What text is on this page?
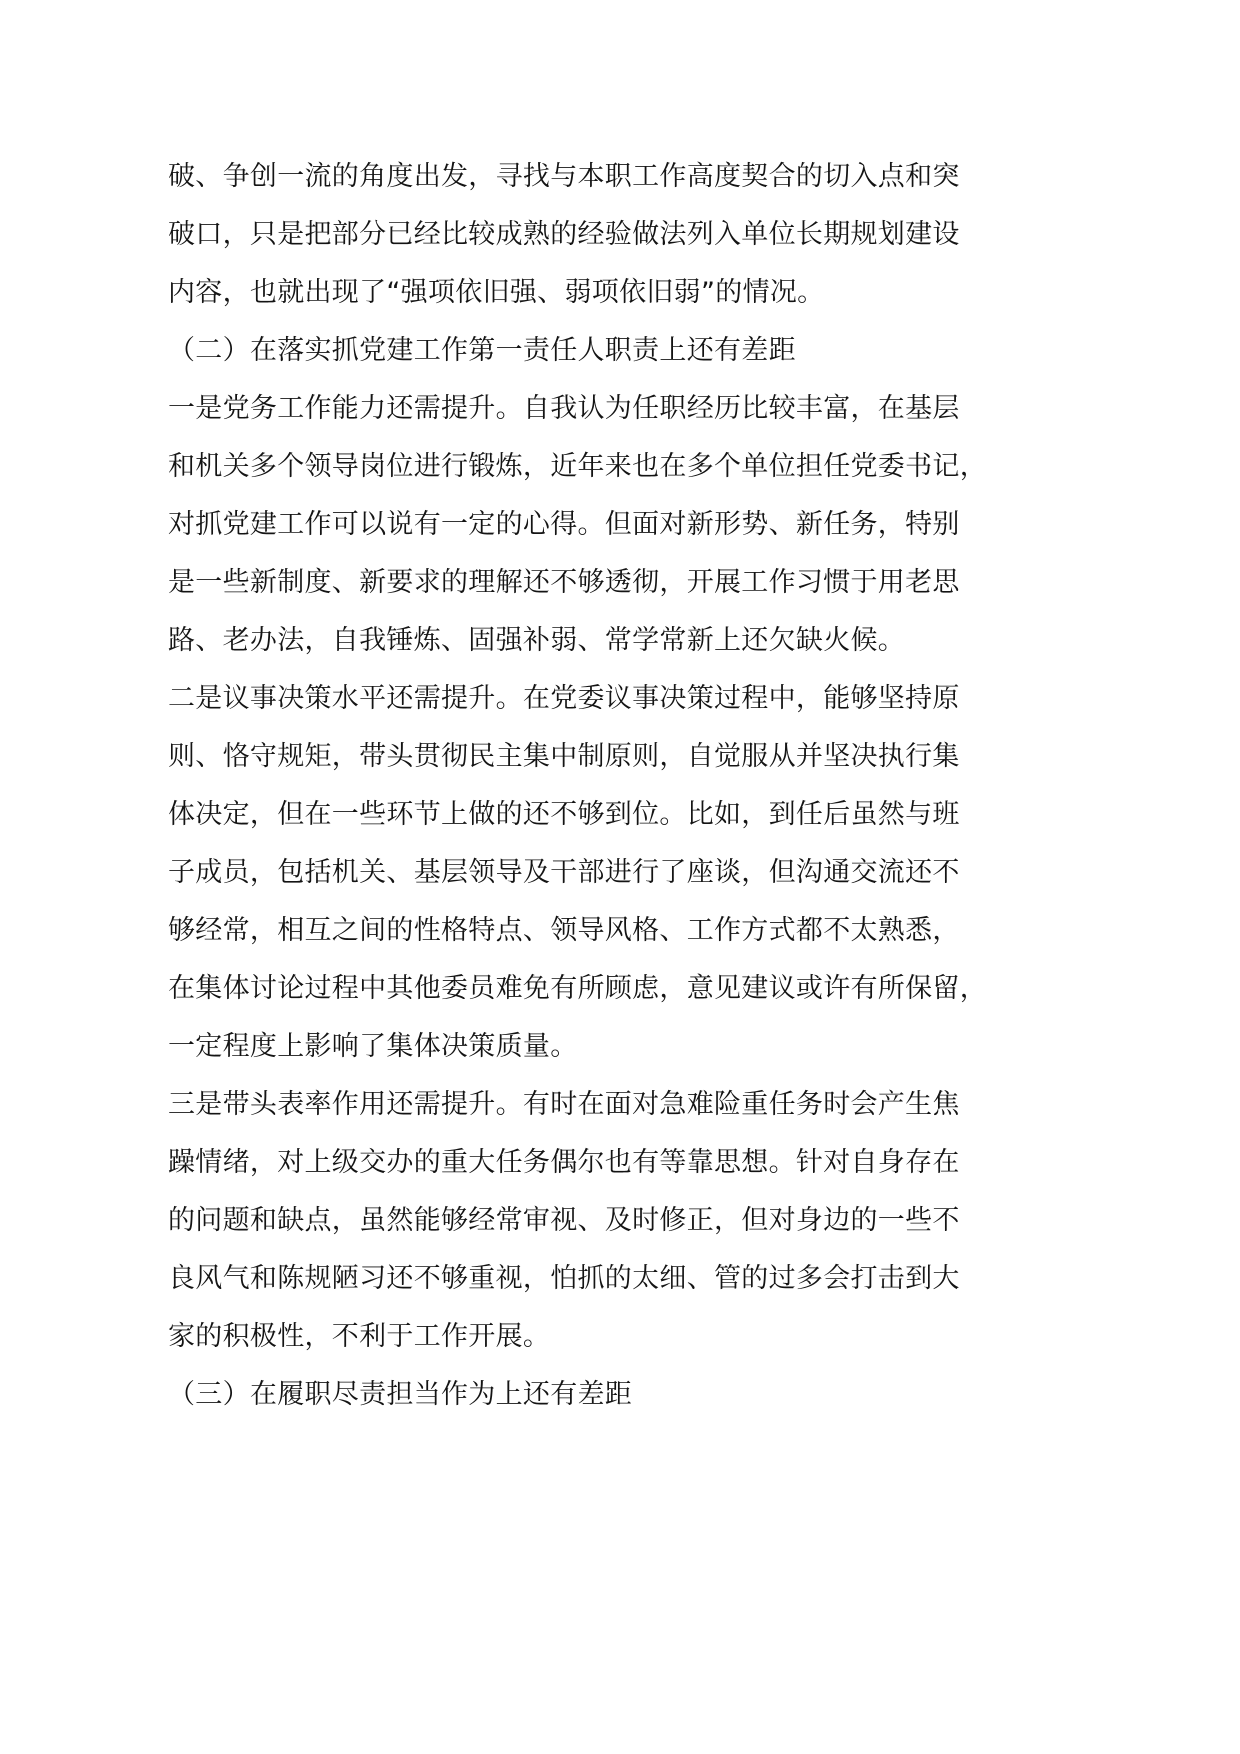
破、争创一流的角度出发，寻找与本职工作高度契合的切入点和突
破口，只是把部分已经比较成熟的经验做法列入单位长期规划建设
内容，也就出现了“强项依旧强、弱项依旧弱”的情况。
（二）在落实抓党建工作第一责任人职责上还有差距
一是党务工作能力还需提升。自我认为任职经历比较丰富，在基层
和机关多个领导岗位进行锻炼，近年来也在多个单位担任党委书记，
对抓党建工作可以说有一定的心得。但面对新形势、新任务，特别
是一些新制度、新要求的理解还不够透彻，开展工作习惯于用老思
路、老办法，自我锤炼、固强补弱、常学常新上还欠缺火候。
二是议事决策水平还需提升。在党委议事决策过程中，能够坚持原
则、恪守规矩，带头贯彻民主集中制原则，自觉服从并坚决执行集
体决定，但在一些环节上做的还不够到位。比如，到任后虽然与班
子成员，包括机关、基层领导及干部进行了座谈，但沟通交流还不
够经常，相互之间的性格特点、领导风格、工作方式都不太熟悉，
在集体讨论过程中其他委员难免有所顾虑，意见建议或许有所保留，
一定程度上影响了集体决策质量。
三是带头表率作用还需提升。有时在面对急难险重任务时会产生焦
躁情绪，对上级交办的重大任务偶尔也有等靠思想。针对自身存在
的问题和缺点，虽然能够经常审视、及时修正，但对身边的一些不
良风气和陈规陋习还不够重视，怕抓的太细、管的过多会打击到大
家的积极性，不利于工作开展。
（三）在履职尽责担当作为上还有差距
